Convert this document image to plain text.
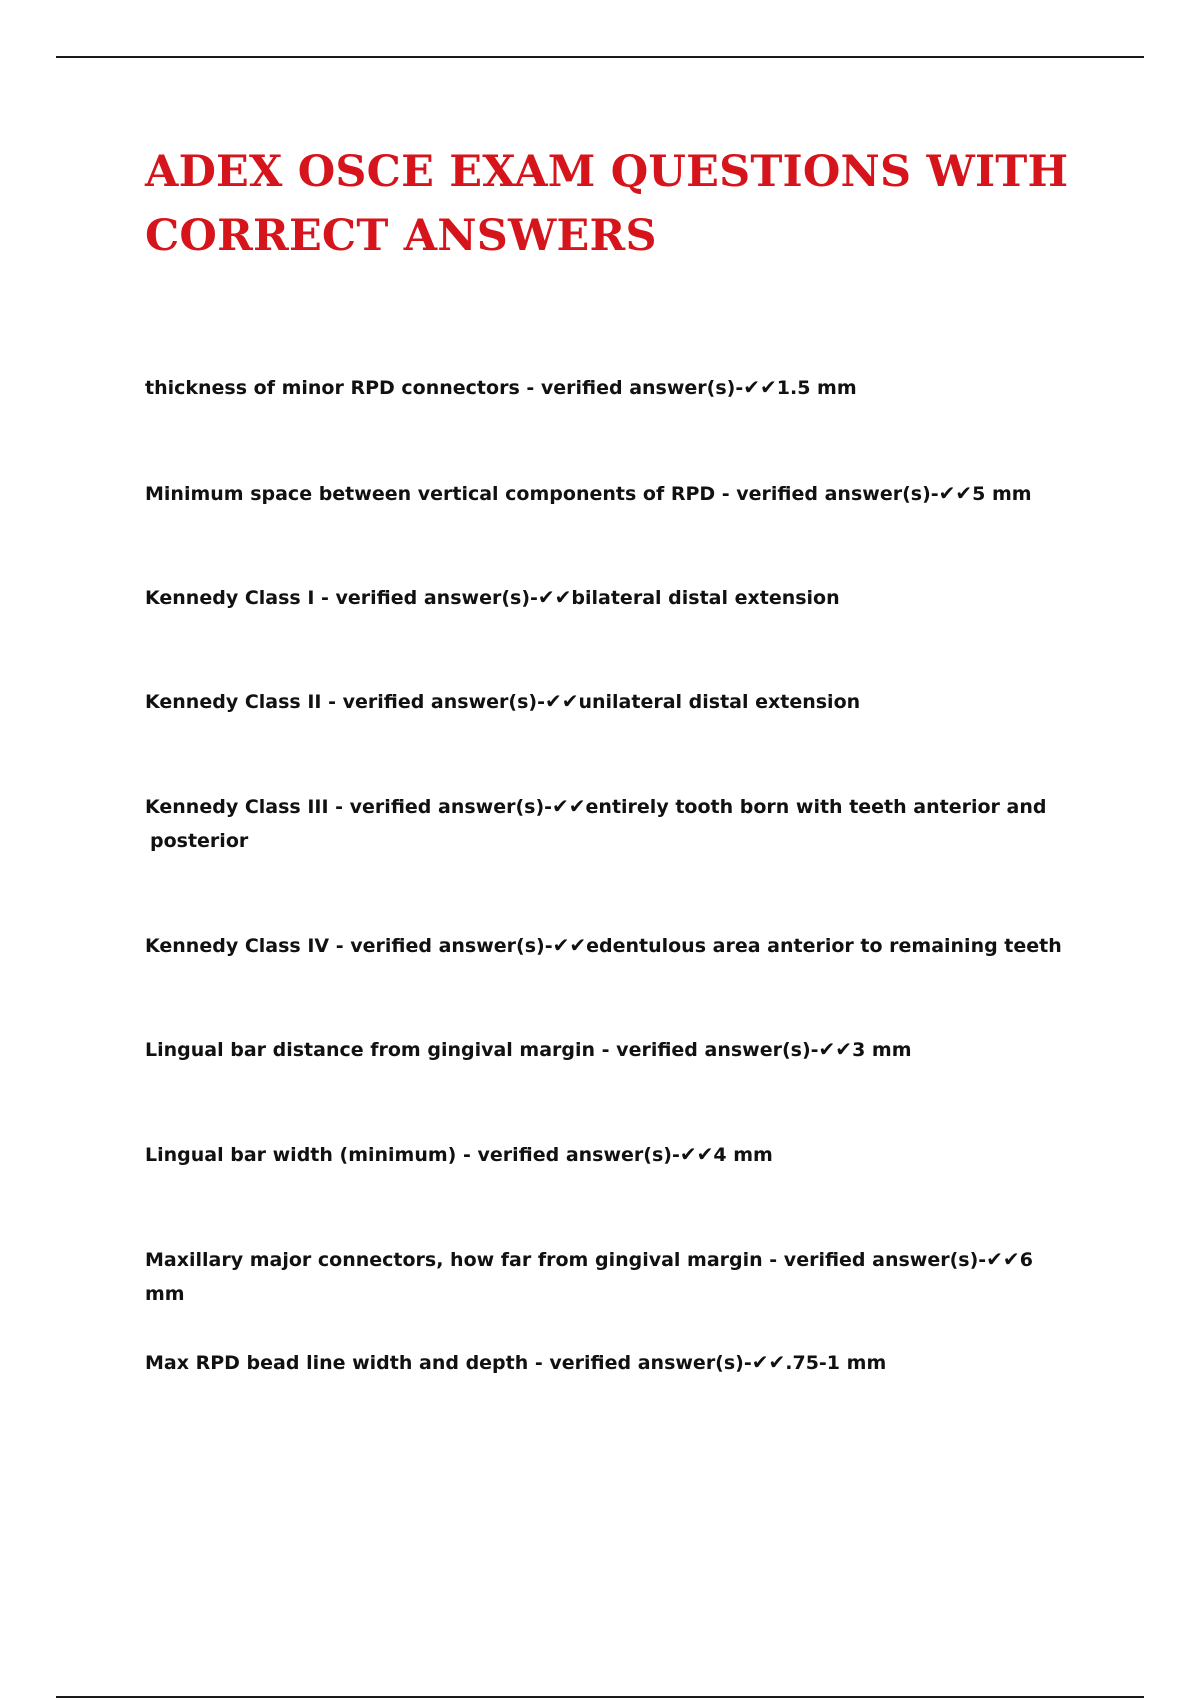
ADEX OSCE EXAM QUESTIONS WITH CORRECT ANSWERS
thickness of minor RPD connectors - verified answer(s)-✔✔1.5 mm
Minimum space between vertical components of RPD - verified answer(s)-✔✔5 mm
Kennedy Class I - verified answer(s)-✔✔bilateral distal extension
Kennedy Class II - verified answer(s)-✔✔unilateral distal extension
Kennedy Class III - verified answer(s)-✔✔entirely tooth born with teeth anterior and
posterior
Kennedy Class IV - verified answer(s)-✔✔edentulous area anterior to remaining teeth
Lingual bar distance from gingival margin - verified answer(s)-✔✔3 mm
Lingual bar width (minimum) - verified answer(s)-✔✔4 mm
Maxillary major connectors, how far from gingival margin - verified answer(s)-✔✔6 mm
Max RPD bead line width and depth - verified answer(s)-✔✔.75-1 mm
